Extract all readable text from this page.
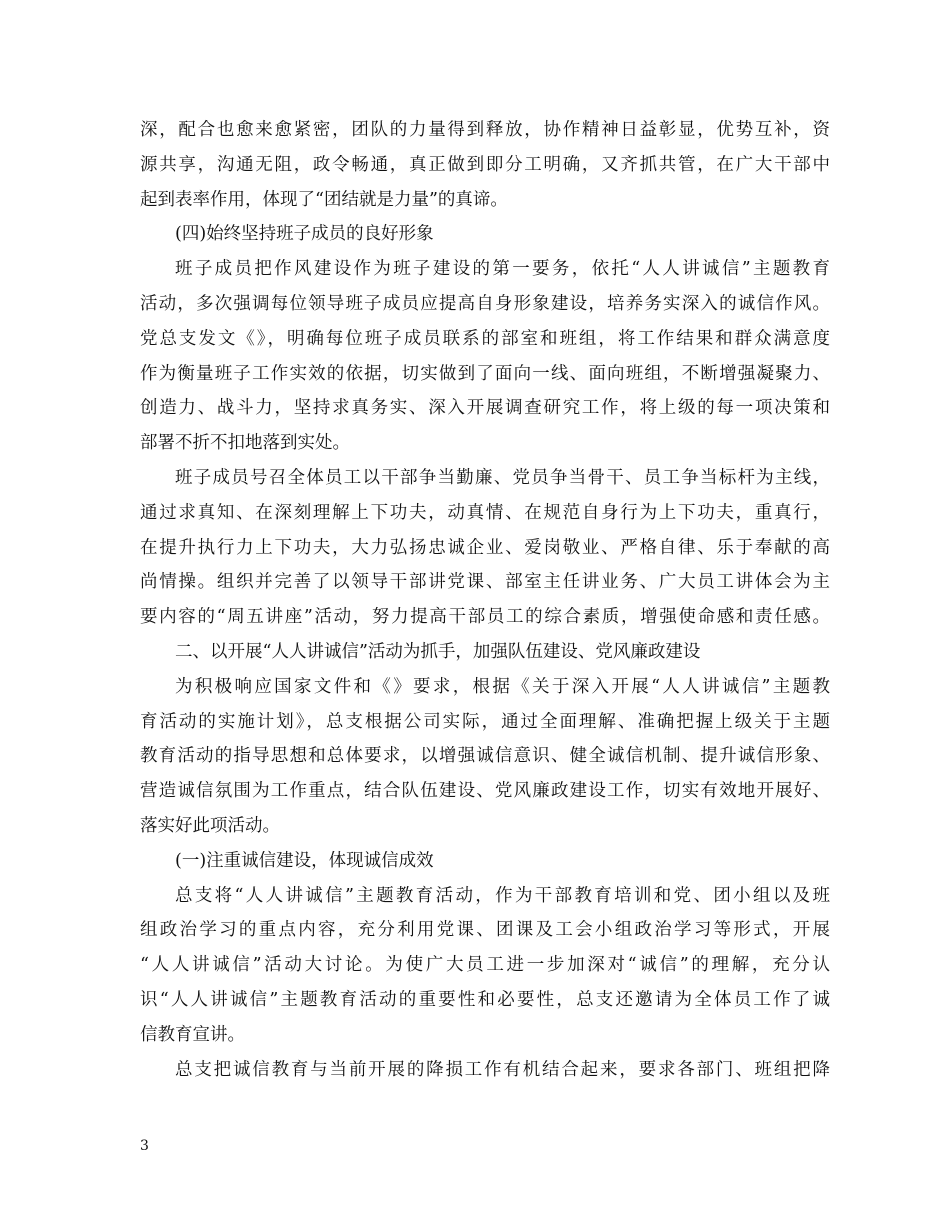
深，配合也愈来愈紧密，团队的力量得到释放，协作精神日益彰显，优势互补，资
源共享，沟通无阻，政令畅通，真正做到即分工明确，又齐抓共管，在广大干部中
起到表率作用，体现了“团结就是力量”的真谛。
(四)始终坚持班子成员的良好形象
班子成员把作风建设作为班子建设的第一要务，依托“人人讲诚信”主题教育
活动，多次强调每位领导班子成员应提高自身形象建设，培养务实深入的诚信作风。
党总支发文《》，明确每位班子成员联系的部室和班组，将工作结果和群众满意度
作为衡量班子工作实效的依据，切实做到了面向一线、面向班组，不断增强凝聚力、
创造力、战斗力，坚持求真务实、深入开展调查研究工作，将上级的每一项决策和
部署不折不扣地落到实处。
班子成员号召全体员工以干部争当勤廉、党员争当骨干、员工争当标杆为主线，
通过求真知、在深刻理解上下功夫，动真情、在规范自身行为上下功夫，重真行，
在提升执行力上下功夫，大力弘扬忠诚企业、爱岗敬业、严格自律、乐于奉献的高
尚情操。组织并完善了以领导干部讲党课、部室主任讲业务、广大员工讲体会为主
要内容的“周五讲座”活动，努力提高干部员工的综合素质，增强使命感和责任感。
二、以开展“人人讲诚信”活动为抓手，加强队伍建设、党风廉政建设
为积极响应国家文件和《》要求，根据《关于深入开展“人人讲诚信”主题教
育活动的实施计划》，总支根据公司实际，通过全面理解、准确把握上级关于主题
教育活动的指导思想和总体要求，以增强诚信意识、健全诚信机制、提升诚信形象、
营造诚信氛围为工作重点，结合队伍建设、党风廉政建设工作，切实有效地开展好、
落实好此项活动。
(一)注重诚信建设，体现诚信成效
总支将“人人讲诚信”主题教育活动，作为干部教育培训和党、团小组以及班
组政治学习的重点内容，充分利用党课、团课及工会小组政治学习等形式，开展
“人人讲诚信”活动大讨论。为使广大员工进一步加深对“诚信”的理解，充分认
识“人人讲诚信”主题教育活动的重要性和必要性，总支还邀请为全体员工作了诚
信教育宣讲。
总支把诚信教育与当前开展的降损工作有机结合起来，要求各部门、班组把降
3
